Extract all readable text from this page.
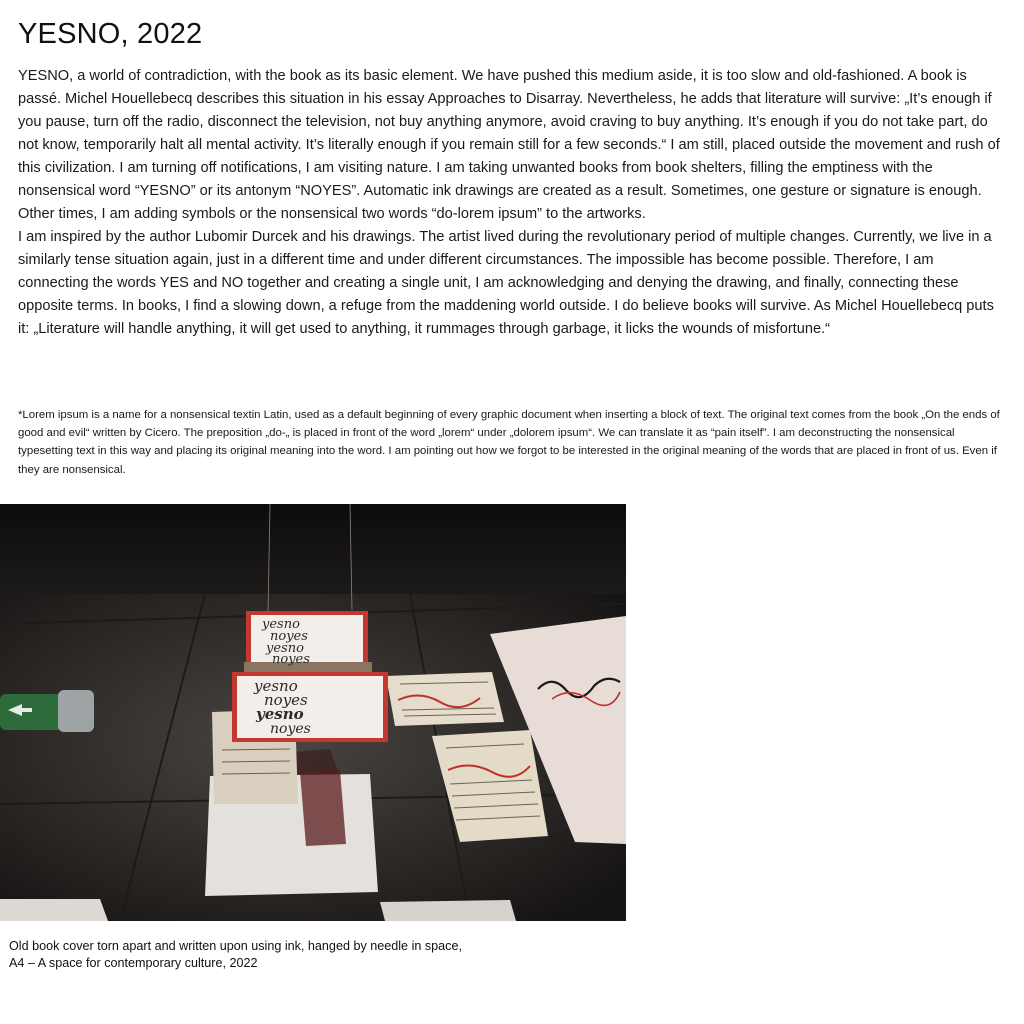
YESNO, 2022

YESNO, a world of contradiction, with the book as its basic element. We have pushed this medium aside, it is too slow and old-fashioned. A book is passé. Michel Houellebecq describes this situation in his essay Approaches to Disarray. Nevertheless, he adds that literature will survive: „It’s enough if you pause, turn off the radio, disconnect the television, not buy anything anymore, avoid craving to buy anything. It’s enough if you do not take part, do not know, temporarily halt all mental activity. It’s literally enough if you remain still for a few seconds.“ I am still, placed outside the movement and rush of this civilization. I am turning off notifications, I am visiting nature. I am taking unwanted books from book shelters, filling the emptiness with the nonsensical word “YESNO” or its antonym “NOYES”. Automatic ink drawings are created as a result. Sometimes, one gesture or signature is enough. Other times, I am adding symbols or the nonsensical two words “do-lorem ipsum” to the artworks.
I am inspired by the author Lubomir Durcek and his drawings. The artist lived during the revolutionary period of multiple changes. Currently, we live in a similarly tense situation again, just in a different time and under different circumstances. The impossible has become possible. Therefore, I am connecting the words YES and NO together and creating a single unit, I am acknowledging and denying the drawing, and finally, connecting these opposite terms. In books, I find a slowing down, a refuge from the maddening world outside. I do believe books will survive. As Michel Houellebecq puts it: „Literature will handle anything, it will get used to anything, it rummages through garbage, it licks the wounds of misfortune.“

*Lorem ipsum is a name for a nonsensical textin Latin, used as a default beginning of every graphic document when inserting a block of text. The original text comes from the book „On the ends of good and evil“ written by Cicero. The preposition „do-„ is placed in front of the word „lorem“ under „dolorem ipsum“. We can translate it as “pain itself”. I am deconstructing the nonsensical typesetting text in this way and placing its original meaning into the word. I am pointing out how we forgot to be interested in the original meaning of the words that are placed in front of us. Even if they are nonsensical.

yesno
noyes
yesno
noyes
yesno
noyes
yesno
noyes

Old book cover torn apart and written upon using ink, hanged by needle in space,
A4 – A space for contemporary culture, 2022
